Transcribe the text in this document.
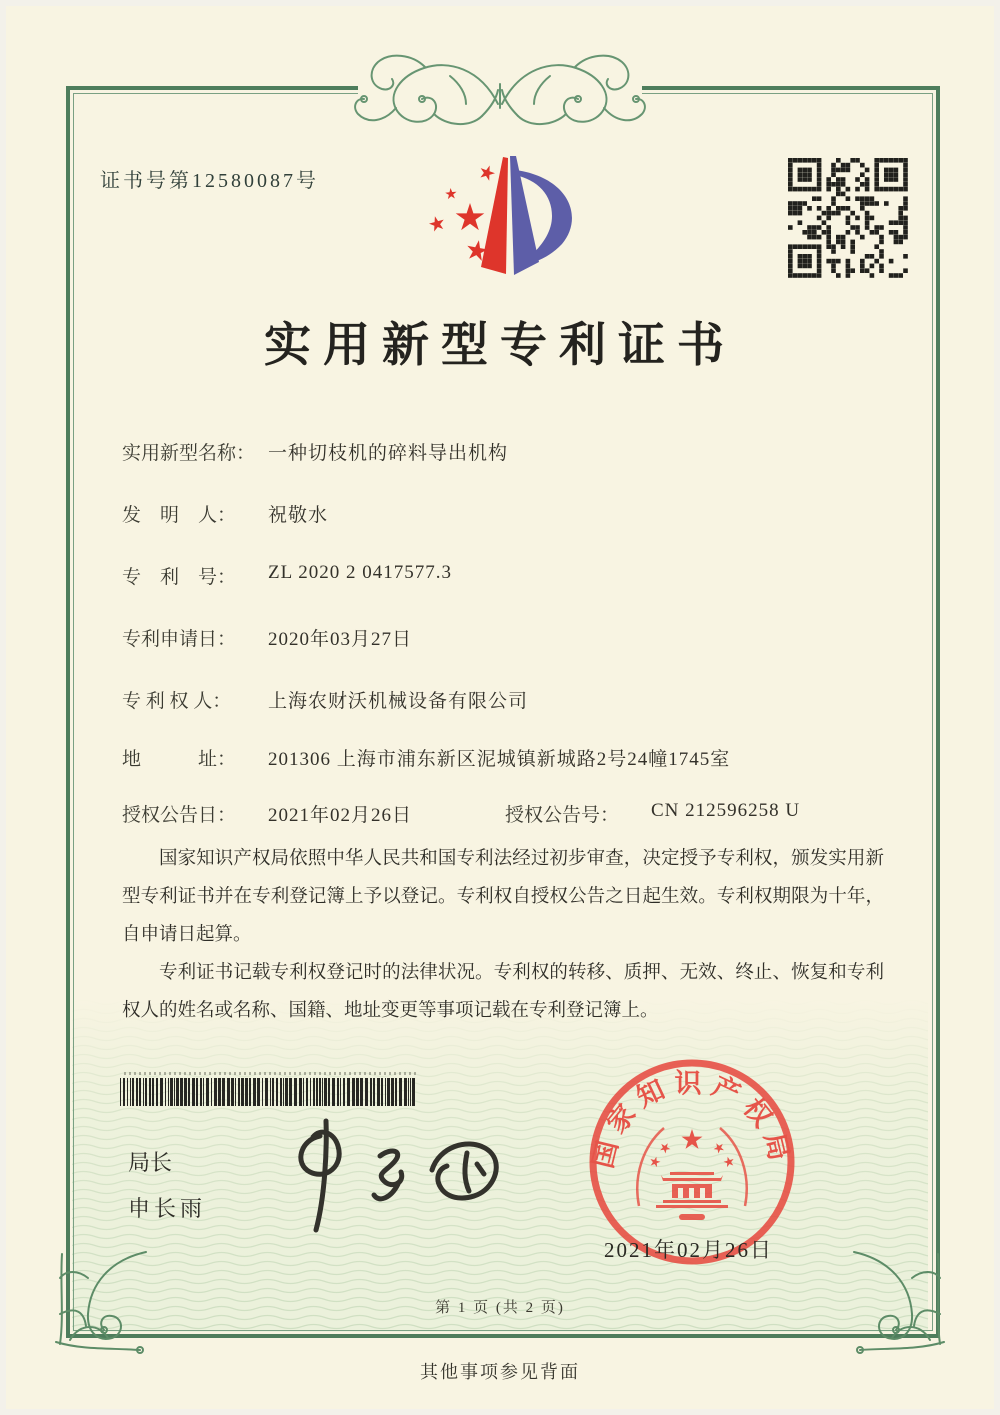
证书号第12580087号
实用新型专利证书
实用新型名称： 一种切枝机的碎料导出机构
发　明　人：	祝敬水
专　利　号：	ZL 2020 2 0417577.3
专利申请日：	2020年03月27日
专 利 权 人：	上海农财沃机械设备有限公司
地　　　址：	201306 上海市浦东新区泥城镇新城路2号24幢1745室
授权公告日：	2021年02月26日	授权公告号：	CN 212596258 U

国家知识产权局依照中华人民共和国专利法经过初步审查，决定授予专利权，颁发实用新型专利证书并在专利登记簿上予以登记。专利权自授权公告之日起生效。专利权期限为十年，自申请日起算。

专利证书记载专利权登记时的法律状况。专利权的转移、质押、无效、终止、恢复和专利权人的姓名或名称、国籍、地址变更等事项记载在专利登记簿上。

局长
申长雨
国家知识产权局
2021年02月26日
第 1 页 (共 2 页)
其他事项参见背面
